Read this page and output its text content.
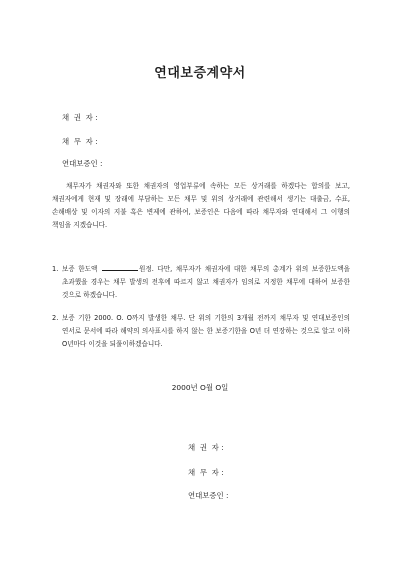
연대보증계약서
채  권  자 :
채  무  자 :
연대보증인 :
채무자가 채권자와 또한 채권자의 영업부류에 속하는 모든 상거래를 하겠다는 합의를 보고, 채권자에게 현재 및 장래에 부담하는 모든 채무 및 위의 상거래에 관련해서 생기는 대출금, 수표, 손해배상 및 이자의 지불 혹은 변제에 관하여, 보증인은 다음에 따라 채무자와 연대해서 그 이행의 책임을 지겠습니다.
1. 보증 한도액	원정. 다만, 채무자가 채권자에 대한 채무의 총계가 위의 보증한도액을 초과했을 경우는 채무 발생의 전후에 따르지 않고 채권자가 임의로 지정한 채무에 대하여 보증한 것으로 하겠습니다.
2. 보증 기한 2000. O. O까지 발생한 채무. 단 위의 기한의 3개월 전까지 채무자 및 연대보증인의 연서로 문서에 따라 해약의 의사표시를 하지 않는 한 보증기한을 O년 더 연장하는 것으로 알고 이하 O년마다 이것을 되풀이하겠습니다.
2000년 O월 O일
채  권  자 :
채  무  자 :
연대보증인 :
